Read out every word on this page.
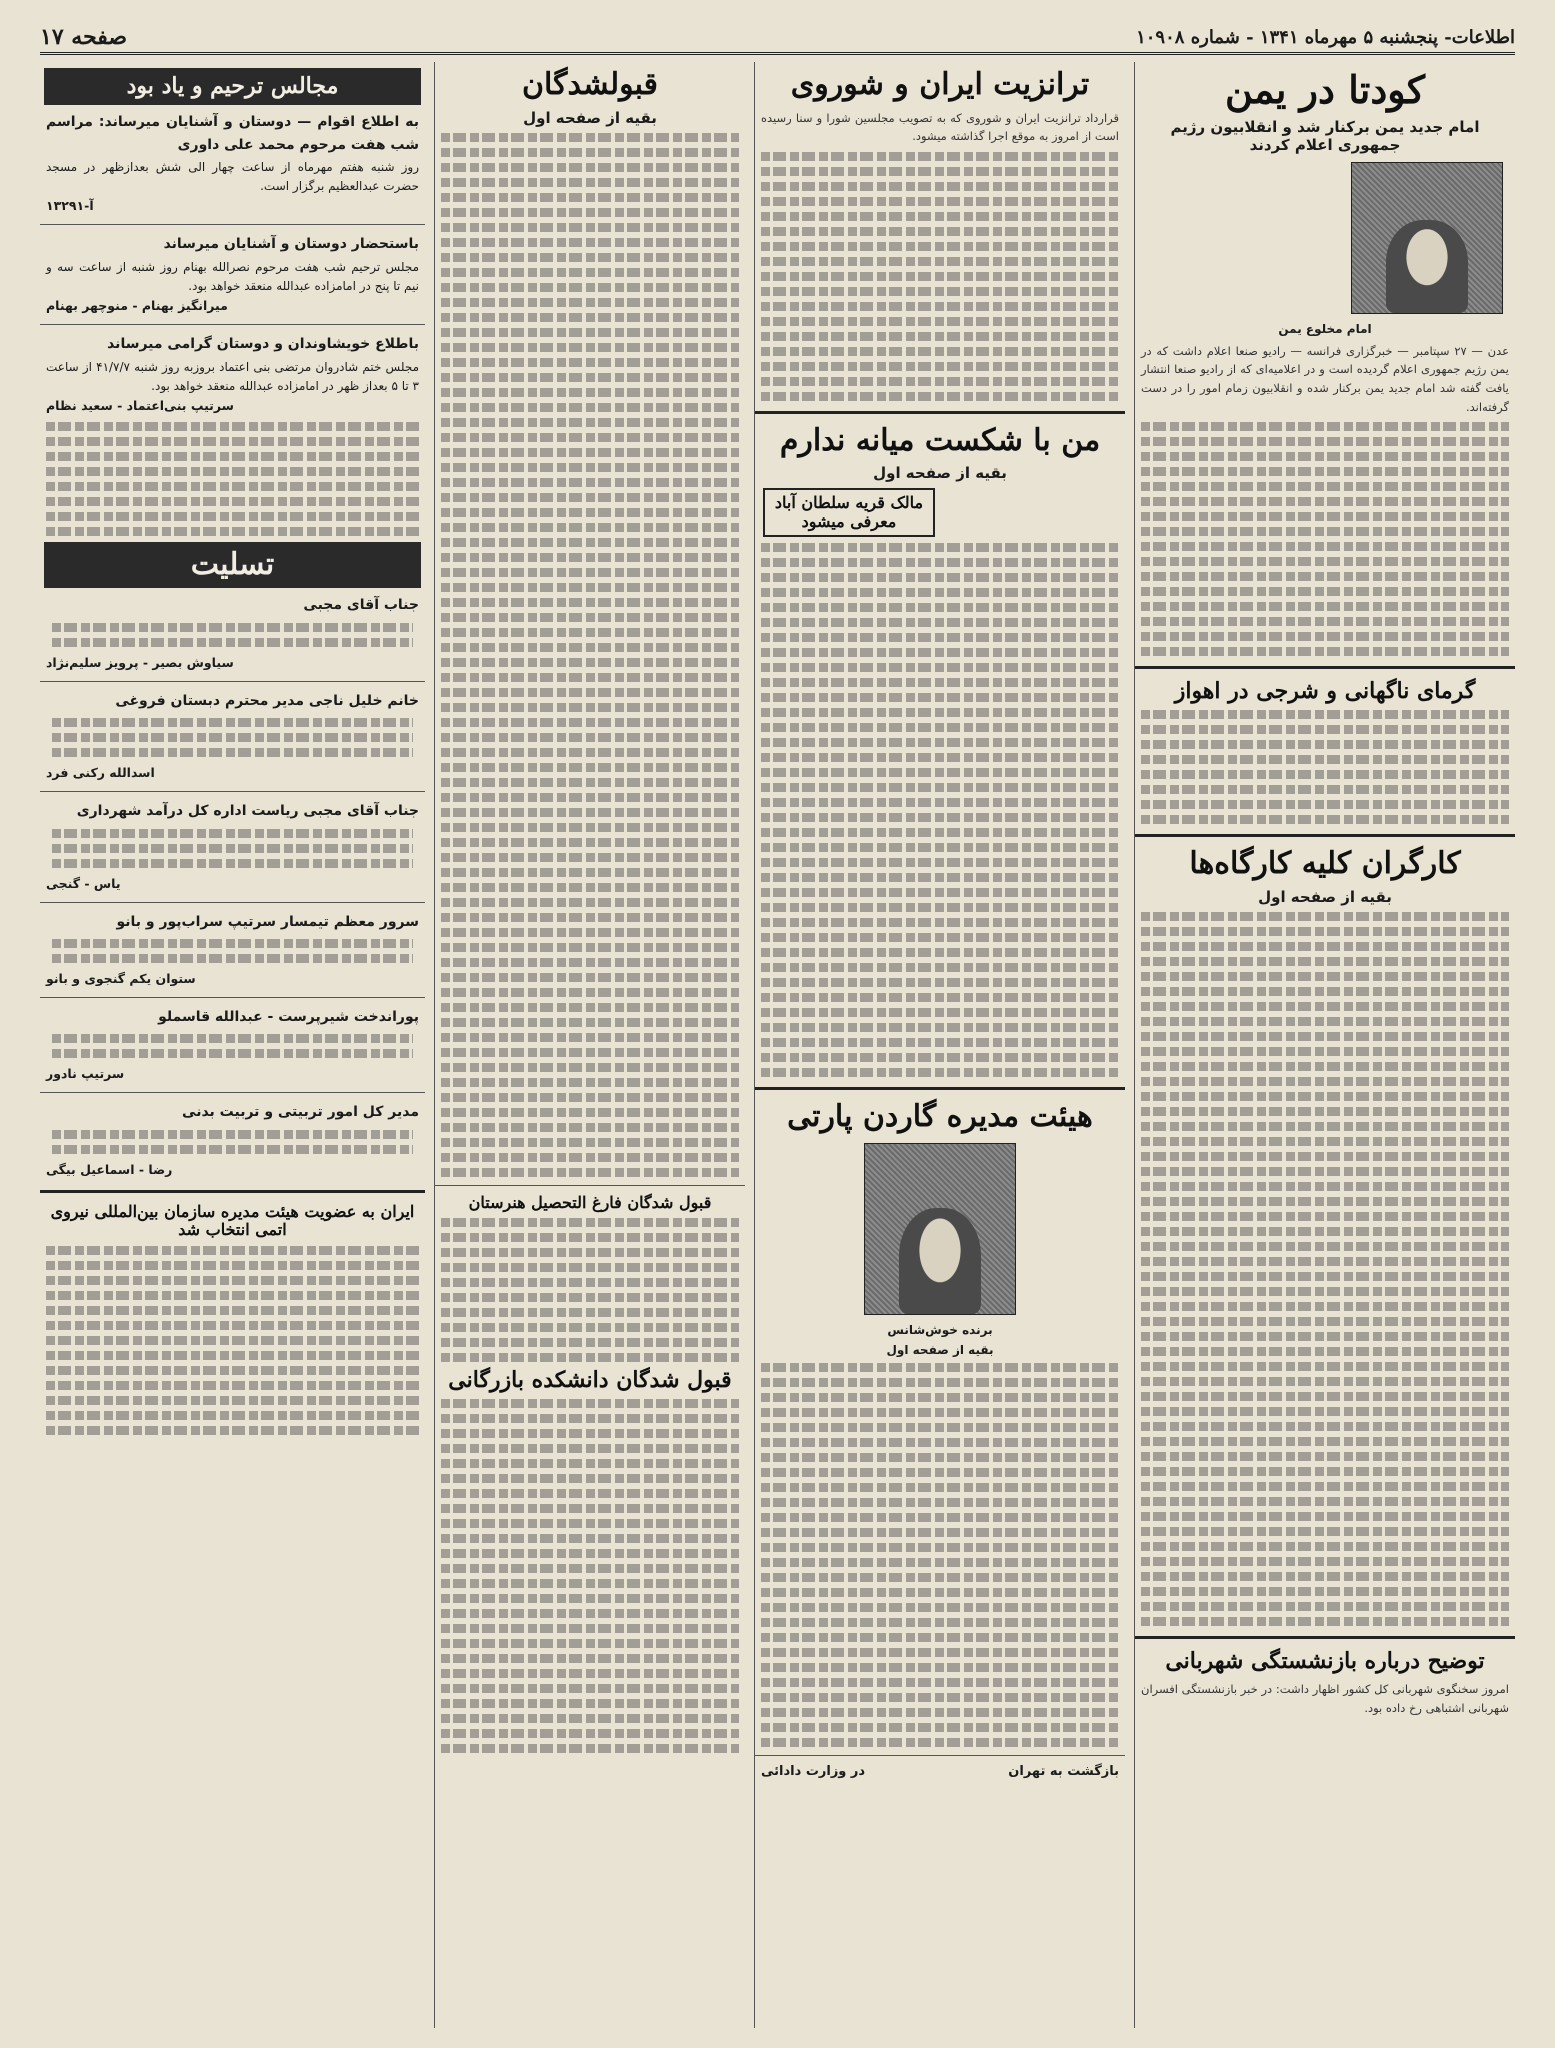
اطلاعات- پنجشنبه ۵ مهرماه ۱۳۴۱ - شماره ۱۰۹۰۸
صفحه ۱۷
کودتا در یمن
امام جدید یمن برکنار شد و انقلابیون رژیم جمهوری اعلام کردند
امام مخلوع یمن

عدن — ۲۷ سپتامبر — خبرگزاری فرانسه — رادیو صنعا اعلام داشت که در یمن رژیم جمهوری اعلام گردیده است و در اعلامیه‌ای که از رادیو صنعا انتشار یافت گفته شد امام جدید یمن برکنار شده و انقلابیون زمام امور را در دست گرفته‌اند.

گرمای ناگهانی و شرجی در اهواز
کارگران کلیه کارگاه‌ها
بقیه از صفحه اول
توضیح درباره بازنشستگی شهربانی

امروز سخنگوی شهربانی کل کشور اظهار داشت: در خبر بازنشستگی افسران شهربانی اشتباهی رخ داده بود.

ترانزیت ایران و شوروی

قرارداد ترانزیت ایران و شوروی که به تصویب مجلسین شورا و سنا رسیده است از امروز به موقع اجرا گذاشته میشود.

من با شکست میانه ندارم
بقیه از صفحه اول
مالک قریه سلطان آباد معرفی میشود
هیئت مدیره گاردن پارتی
برنده خوش‌شانس
بقیه از صفحه اول
بازگشت به تهران
در وزارت دادائی
قبولشدگان
بقیه از صفحه اول
قبول شدگان فارغ التحصیل هنرستان
قبول شدگان دانشکده بازرگانی
مجالس ترحیم و یاد بود
به اطلاع اقوام — دوستان و آشنایان میرساند: مراسم شب هفت مرحوم محمد علی داوری
روز شنبه هفتم مهرماه از ساعت چهار الی شش بعدازظهر در مسجد حضرت عبدالعظیم برگزار است.
آ-۱۳۲۹۱
باستحضار دوستان و آشنایان میرساند
مجلس ترحیم شب هفت مرحوم نصرالله بهنام روز شنبه از ساعت سه و نیم تا پنج در امامزاده عبدالله منعقد خواهد بود.
میرانگیز بهنام - منوچهر بهنام
باطلاع خویشاوندان و دوستان گرامی میرساند
مجلس ختم شادروان مرتضی بنی اعتماد بروزبه روز شنبه ۴۱/۷/۷ از ساعت ۳ تا ۵ بعداز ظهر در امامزاده عبدالله منعقد خواهد بود.
سرتیپ بنی‌اعتماد - سعید نظام
تسلیت
جناب آقای مجبی
سیاوش بصیر - پرویز سلیم‌نژاد
خانم خلیل ناجی مدیر محترم دبستان فروغی
اسدالله رکنی فرد
جناب آقای مجبی ریاست اداره کل درآمد شهرداری
یاس - گنجی
سرور معظم تیمسار سرتیپ سراب‌پور و بانو
ستوان یکم گنجوی و بانو
پوراندخت شیرپرست - عبدالله قاسملو
سرتیپ نادور
مدیر کل امور تربیتی و تربیت بدنی
رضا - اسماعیل بیگی
ایران به عضویت هیئت مدیره سازمان بین‌المللی نیروی اتمی انتخاب شد
